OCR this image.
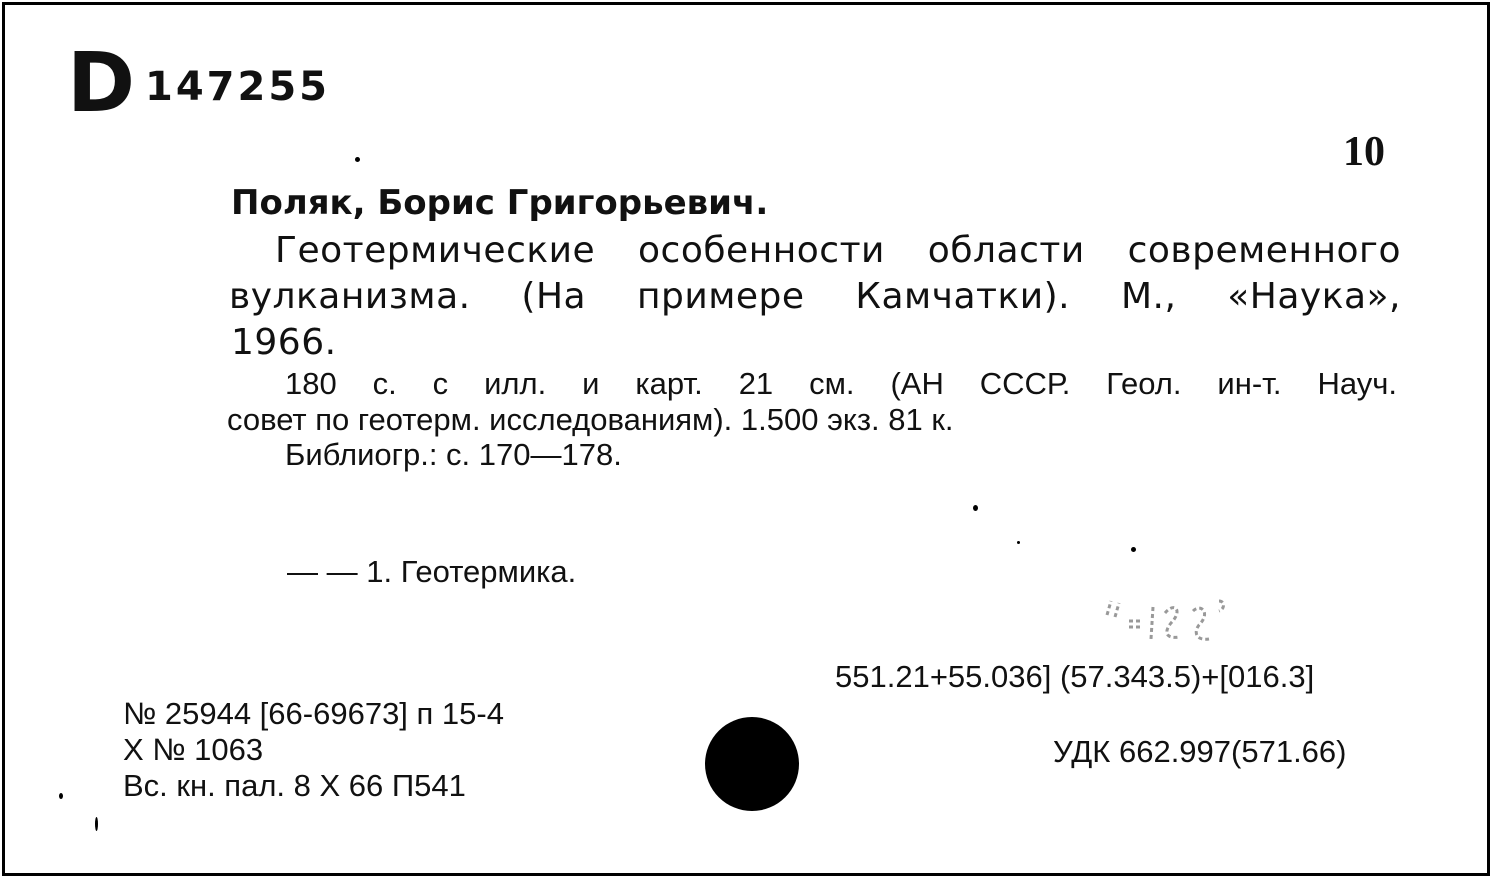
D 147255
10
Поляк, Борис Григорьевич.
Геотермические особенности области современного
вулканизма. (На примере Камчатки). М., «Наука»,
1966.
180 с. с илл. и карт. 21 см. (АН СССР. Геол. ин-т. Науч.
совет по геотерм. исследованиям). 1.500 экз. 81 к.
Библиогр.: с. 170—178.
— — 1. Геотермика.
551.21+55.036] (57.343.5)+[016.3]
УДК 662.997(571.66)
№ 25944 [66-69673] п 15-4
Х № 1063
Вс. кн. пал. 8 X 66 П541
